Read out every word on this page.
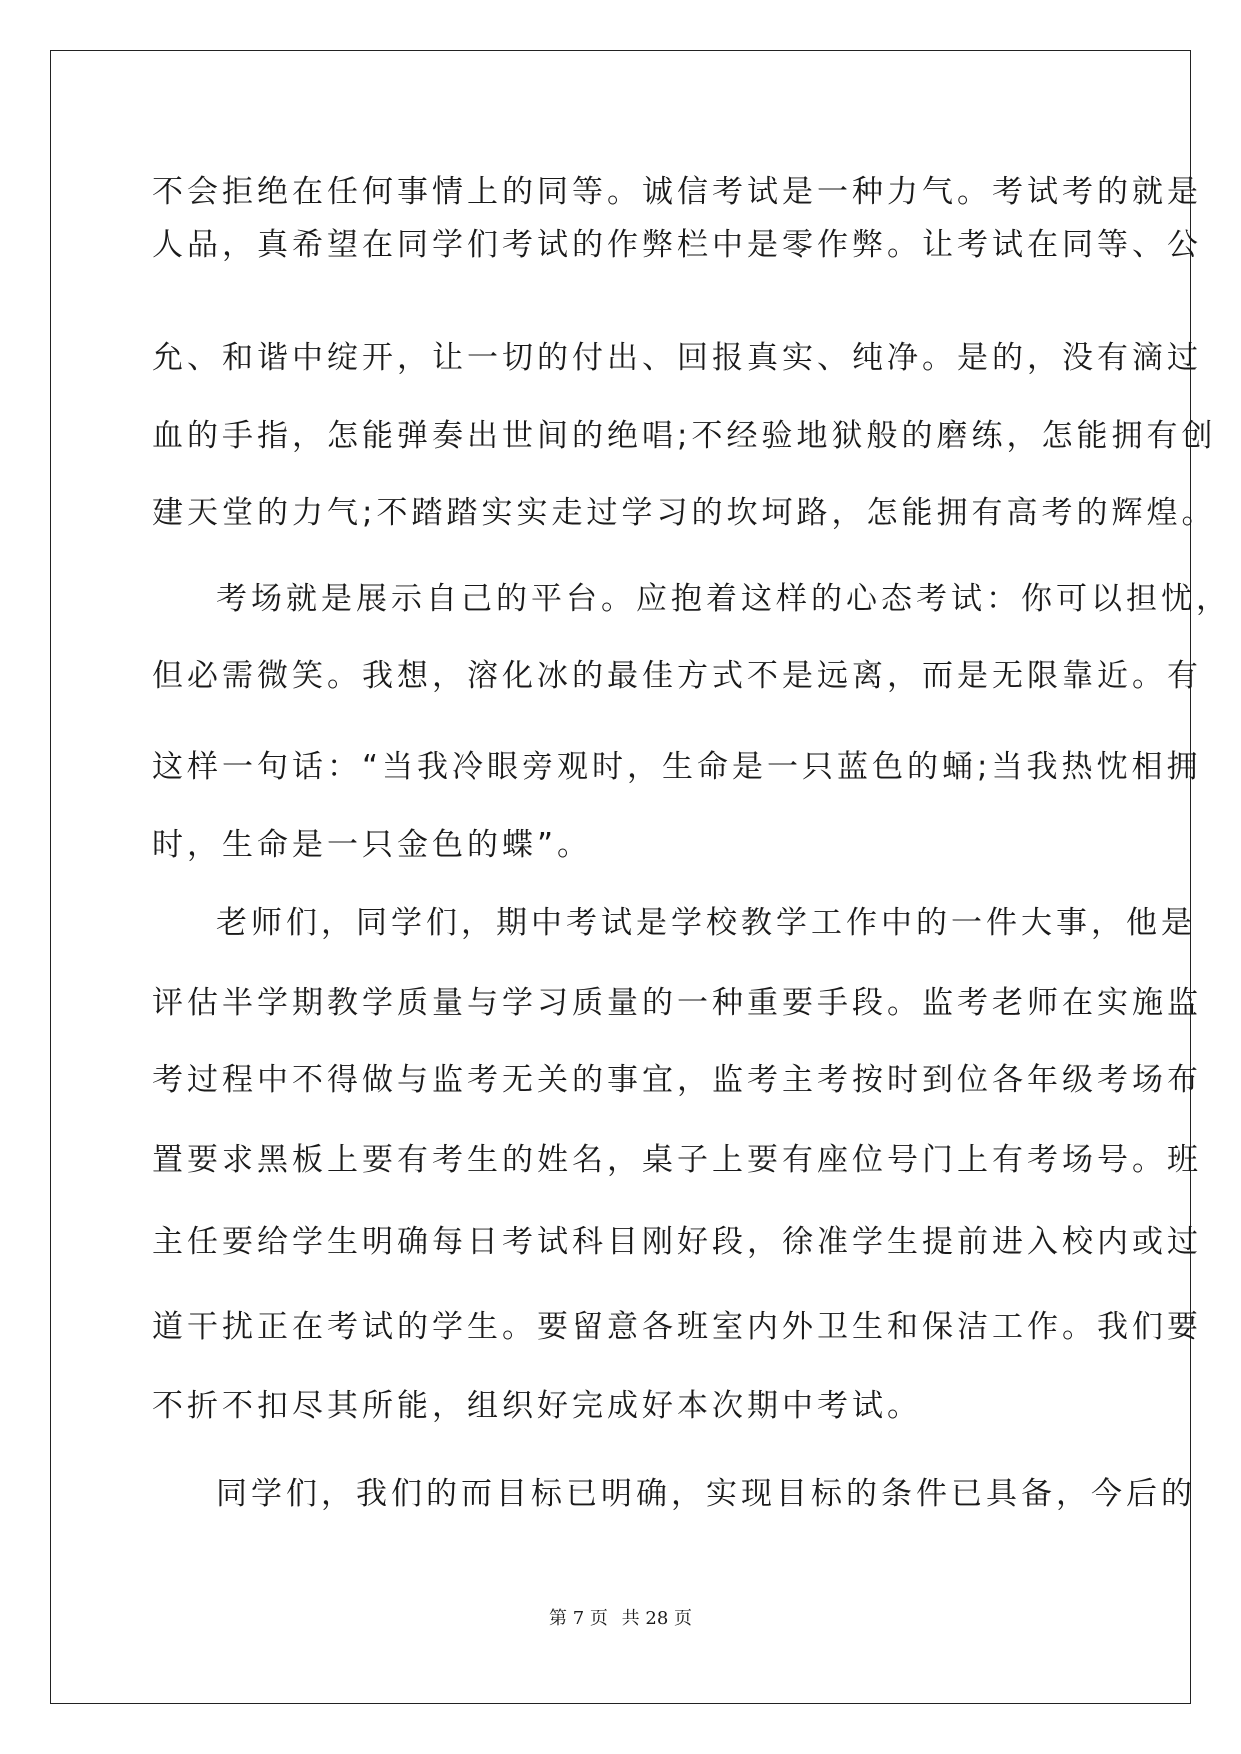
不会拒绝在任何事情上的同等。诚信考试是一种力气。考试考的就是
人品，真希望在同学们考试的作弊栏中是零作弊。让考试在同等、公
允、和谐中绽开，让一切的付出、回报真实、纯净。是的，没有滴过
血的手指，怎能弹奏出世间的绝唱;不经验地狱般的磨练，怎能拥有创
建天堂的力气;不踏踏实实走过学习的坎坷路，怎能拥有高考的辉煌。
考场就是展示自己的平台。应抱着这样的心态考试：你可以担忧，
但必需微笑。我想，溶化冰的最佳方式不是远离，而是无限靠近。有
这样一句话：“当我冷眼旁观时，生命是一只蓝色的蛹;当我热忱相拥
时，生命是一只金色的蝶”。
老师们，同学们，期中考试是学校教学工作中的一件大事，他是
评估半学期教学质量与学习质量的一种重要手段。监考老师在实施监
考过程中不得做与监考无关的事宜，监考主考按时到位各年级考场布
置要求黑板上要有考生的姓名，桌子上要有座位号门上有考场号。班
主任要给学生明确每日考试科目刚好段，徐准学生提前进入校内或过
道干扰正在考试的学生。要留意各班室内外卫生和保洁工作。我们要
不折不扣尽其所能，组织好完成好本次期中考试。
同学们，我们的而目标已明确，实现目标的条件已具备，今后的
第 7 页 共 28 页
